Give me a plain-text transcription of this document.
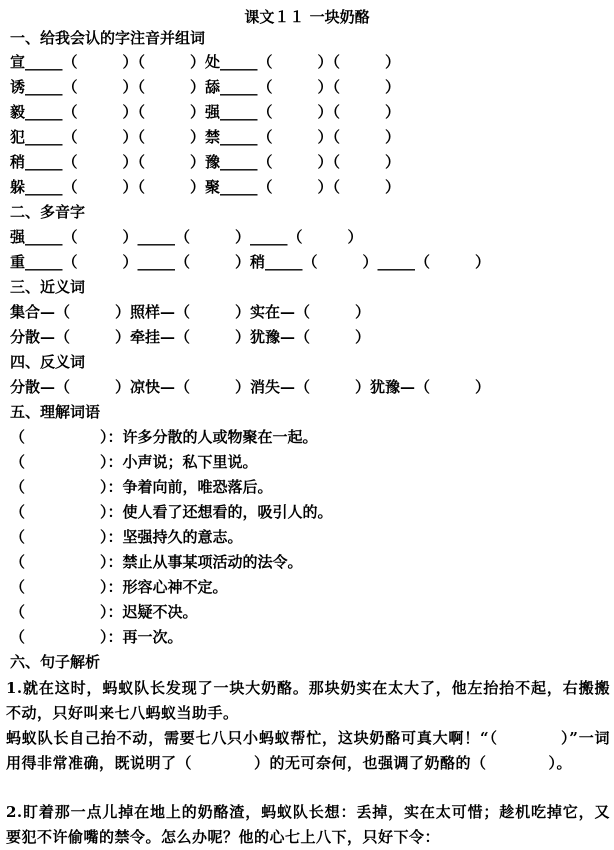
课文１１ 一块奶酪
一、给我会认的字注音并组词
宣_____（　　　）（　　　）处_____（　　　）（　　　）
诱_____（　　　）（　　　）舔_____（　　　）（　　　）
毅_____（　　　）（　　　）强_____（　　　）（　　　）
犯_____（　　　）（　　　）禁_____（　　　）（　　　）
稍_____（　　　）（　　　）豫_____（　　　）（　　　）
躲_____（　　　）（　　　）聚_____（　　　）（　　　）
二、多音字
强_____（　　　）_____（　　　）_____（　　　）
重_____（　　　）_____（　　　）稍_____（　　　）_____（　　　）
三、近义词
集合—（　　　）照样—（　　　）实在—（　　　）
分散—（　　　）牵挂—（　　　）犹豫—（　　　）
四、反义词
分散—（　　　）凉快—（　　　）消失—（　　　）犹豫—（　　　）
五、理解词语
（　　　　　）：许多分散的人或物聚在一起。
（　　　　　）：小声说；私下里说。
（　　　　　）：争着向前，唯恐落后。
（　　　　　）：使人看了还想看的，吸引人的。
（　　　　　）：坚强持久的意志。
（　　　　　）：禁止从事某项活动的法令。
（　　　　　）：形容心神不定。
（　　　　　）：迟疑不决。
（　　　　　）：再一次。
六、句子解析
1.就在这时，蚂蚁队长发现了一块大奶酪。那块奶实在太大了，他左抬抬不起，右搬搬不动，只好叫来七八蚂蚁当助手。
蚂蚁队长自己抬不动，需要七八只小蚂蚁帮忙，这块奶酪可真大啊！“（　　　　）”一词用得非常准确，既说明了（　　　　）的无可奈何，也强调了奶酪的（　　　　）。
2.盯着那一点儿掉在地上的奶酪渣，蚂蚁队长想：丢掉，实在太可惜；趁机吃掉它，又要犯不许偷嘴的禁令。怎么办呢？他的心七上八下，只好下令：
